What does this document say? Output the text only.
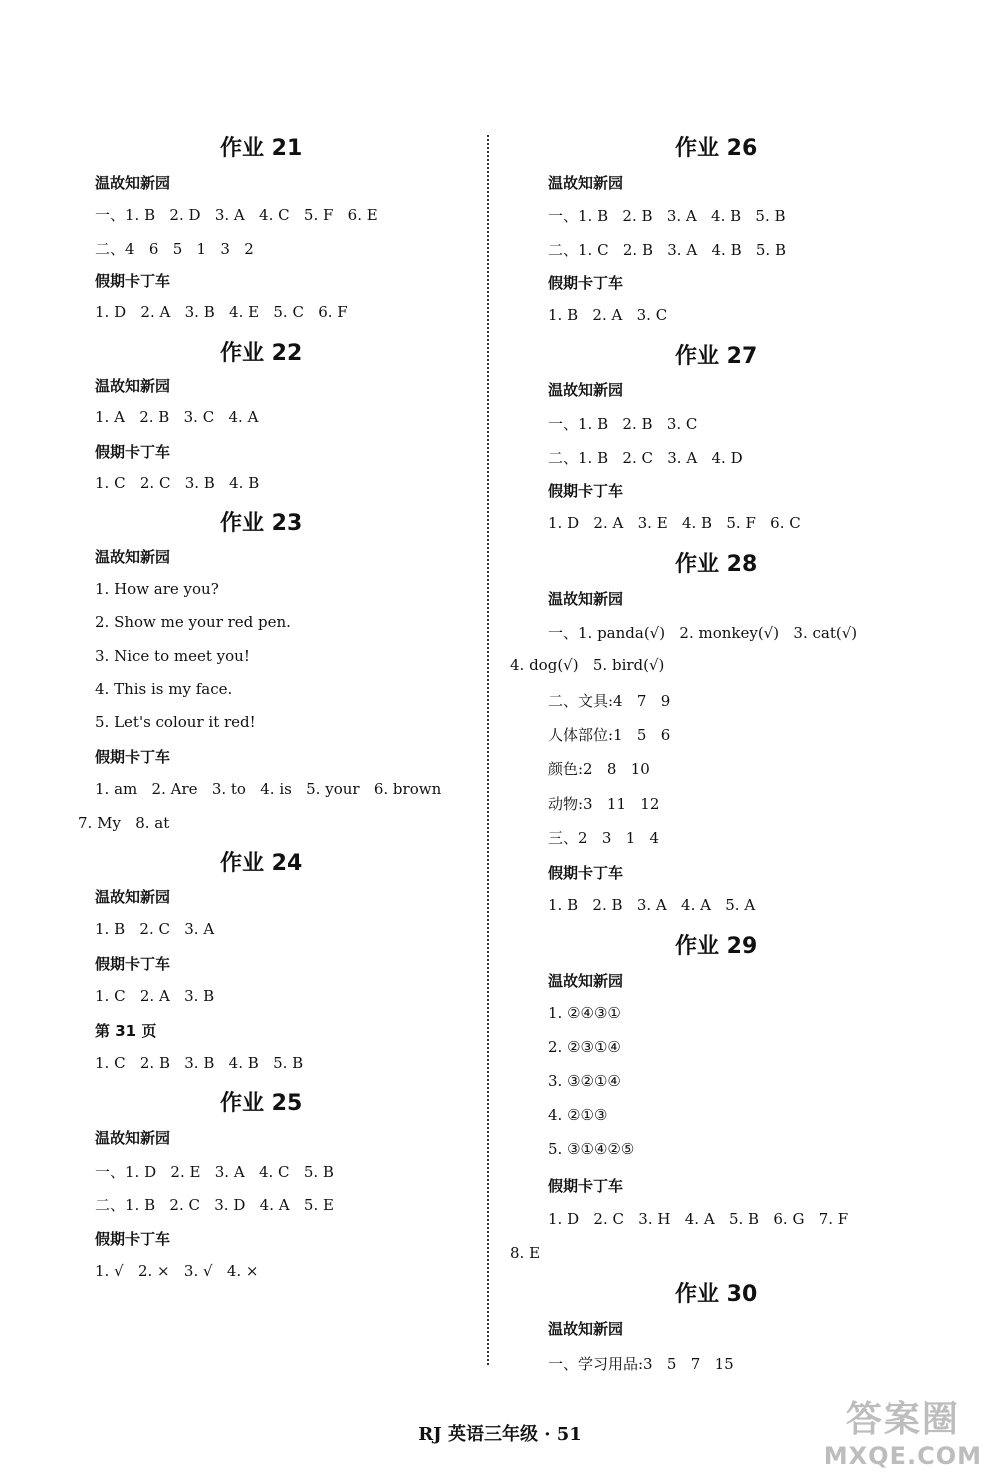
作业 21
温故知新园
一、1. B   2. D   3. A   4. C   5. F   6. E
二、4   6   5   1   3   2
假期卡丁车
1. D   2. A   3. B   4. E   5. C   6. F
作业 22
温故知新园
1. A   2. B   3. C   4. A
假期卡丁车
1. C   2. C   3. B   4. B
作业 23
温故知新园
1. How are you?
2. Show me your red pen.
3. Nice to meet you!
4. This is my face.
5. Let's colour it red!
假期卡丁车
1. am   2. Are   3. to   4. is   5. your   6. brown
7. My   8. at
作业 24
温故知新园
1. B   2. C   3. A
假期卡丁车
1. C   2. A   3. B
第 31 页
1. C   2. B   3. B   4. B   5. B
作业 25
温故知新园
一、1. D   2. E   3. A   4. C   5. B
二、1. B   2. C   3. D   4. A   5. E
假期卡丁车
1. √   2. ×   3. √   4. ×
作业 26
温故知新园
一、1. B   2. B   3. A   4. B   5. B
二、1. C   2. B   3. A   4. B   5. B
假期卡丁车
1. B   2. A   3. C
作业 27
温故知新园
一、1. B   2. B   3. C
二、1. B   2. C   3. A   4. D
假期卡丁车
1. D   2. A   3. E   4. B   5. F   6. C
作业 28
温故知新园
一、1. panda(√)   2. monkey(√)   3. cat(√)
4. dog(√)   5. bird(√)
二、文具:4   7   9
人体部位:1   5   6
颜色:2   8   10
动物:3   11   12
三、2   3   1   4
假期卡丁车
1. B   2. B   3. A   4. A   5. A
作业 29
温故知新园
1. ②④③①
2. ②③①④
3. ③②①④
4. ②①③
5. ③①④②⑤
假期卡丁车
1. D   2. C   3. H   4. A   5. B   6. G   7. F
8. E
作业 30
温故知新园
一、学习用品:3   5   7   15
RJ 英语三年级 · 51	答案圈
MXQE.COM
